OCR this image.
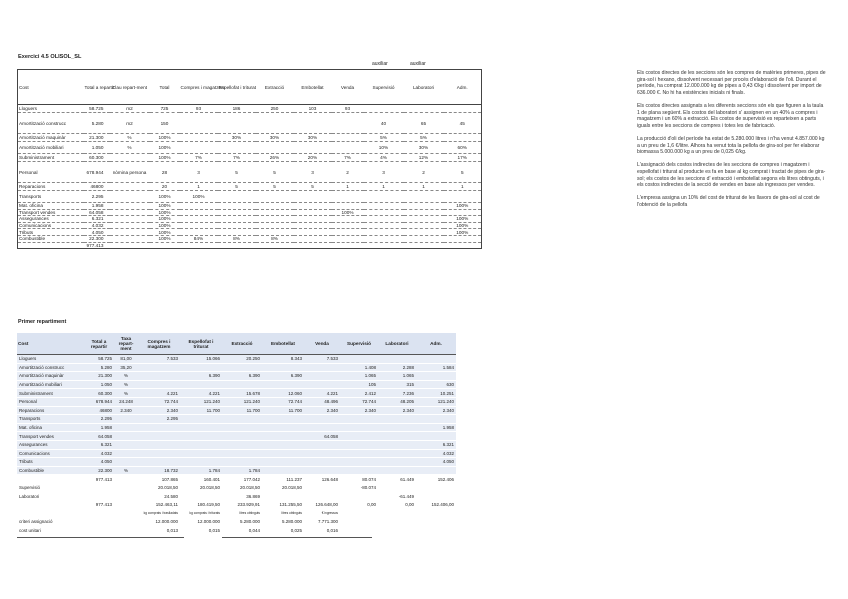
Exercici 4.5 OLISOL_SL
auxiliar	auxiliar
Cost	Total a repartir	Clau repart-ment	Total	Compres i magatzem	Espellofat i triturat	Extracció	Embotellat	Venda	Supervisió	Laboratori	Adm.
Lloguers	58.725	m2	725	93	186	250	103	93			
Amortització construcc	5.280	m2	150						40	65	45
Amortització maquinàr	21.300	%	100%		30%	30%	30%		5%	5%	
Amortització mobiliari	1.050	%	100%						10%	30%	60%
Subministrament	60.300		100%	7%	7%	26%	20%	7%	4%	12%	17%
Personal	678.944	nòmina persona	28	3	5	5	3	2	3	2	5
Reparacions	46800		20	1	5	5	5	1	1	1	1
Transports	2.295		100%	100%							
Mat. oficina	1.958		100%								100%
Transport vendes	64.058		100%					100%			
Assegurances	6.321		100%								100%
Comunicacions	4.032		100%								100%
Tributs	4.050		100%								100%
Combustible	22.300		100%	84%	8%	8%					
	977.413										
Primer repartiment
Cost	Total a repartir	Taxa repart-ment	Compres i magatzem	Espellofat i triturat	Extracció	Embotellat	Venda	Supervisió	Laboratori	Adm.
Lloguers	58.725	81,00	7.533	15.066	20.250	8.343	7.533			
Amortització construcc	5.280	35,20						1.408	2.288	1.584
Amortització maquinàr	21.300	%		6.390	6.390	6.390		1.065	1.065	
Amortització mobiliari	1.050	%						105	315	630
Subministrament	60.300	%	4.221	4.221	15.678	12.060	4.221	2.412	7.236	10.251
Personal	678.944	24.248	72.744	121.240	121.240	72.744	48.496	72.744	48.205	121.240
Reparacions	46800	2.340	2.340	11.700	11.700	11.700	2.340	2.340	2.340	2.340
Transports	2.295		2.295							
Mat. oficina	1.958									1.958
Transport vendes	64.058						64.058			
Assegurances	6.321									6.321
Comunicacions	4.032									4.032
Tributs	4.050									4.050
Combustible	22.300	%	18.732	1.784	1.784					
	977.413		107.865	160.401	177.042	111.237	126.648	80.074	61.449	152.406
Supervisió			20.018,50	20.018,50	20.018,50	20.018,50		-80.074		
Laboratori			24.580		36.869				-61.449	
	977.413		152.463,11	180.419,50	233.929,91	131.255,50	126.648,00	0,00	0,00	152.406,00
			kg comprats i traslladats	kg comprats i triturats	litres obtinguts	litres obtinguts	€ ingressos			
criteri assignació			12.000.000	12.000.000	5.280.000	5.280.000	7.771.300			
cost unitari			0,013	0,015	0,044	0,025	0,016			

Els costos directes de les seccions són les compres de matèries primeres, pipes de gira-sol i hexano, dissolvent necessari per procés d'elaboració de l'oli. Durant el període, ha comprat 12.000.000 kg de pipes a 0,43 €/kg i dissolvent per import de 636.000 €. No hi ha existències inicials ni finals.

Els costos directes assignats a les diferents seccions són els que figuren a la taula 1 de plana següent. Els costos del laboratori s' assignen en un 40% a compres i magatzem i un 60% a extracció. Els costos de supervisió es reparteixen a parts iguals entre les seccions de compres i totes les de fabricació.

La producció d'oli del període ha estat de 5.280.000 litres i n'ha venut 4.857.000 kg a un preu de 1,6 €/litre. Alhora ha venut tota la pellofa de gira-sol per fer elaborar biomassa 5.000.000 kg a un preu de 0,025 €/kg.

L'assignació dels costos indirectes de les seccions de compres i magatzem i espellofat i triturat al producte es fa en base al kg comprat i tractat de pipes de gira-sol; els costos de les seccions d' extracció i embotellat segons els litres obtinguts, i els costos indirectes de la secció de vendes en base als ingressos per vendes.

L'empresa assigna un 10% del cost de triturat de les llavors de gira-sol al cost de l'obtenció de la pellofa
